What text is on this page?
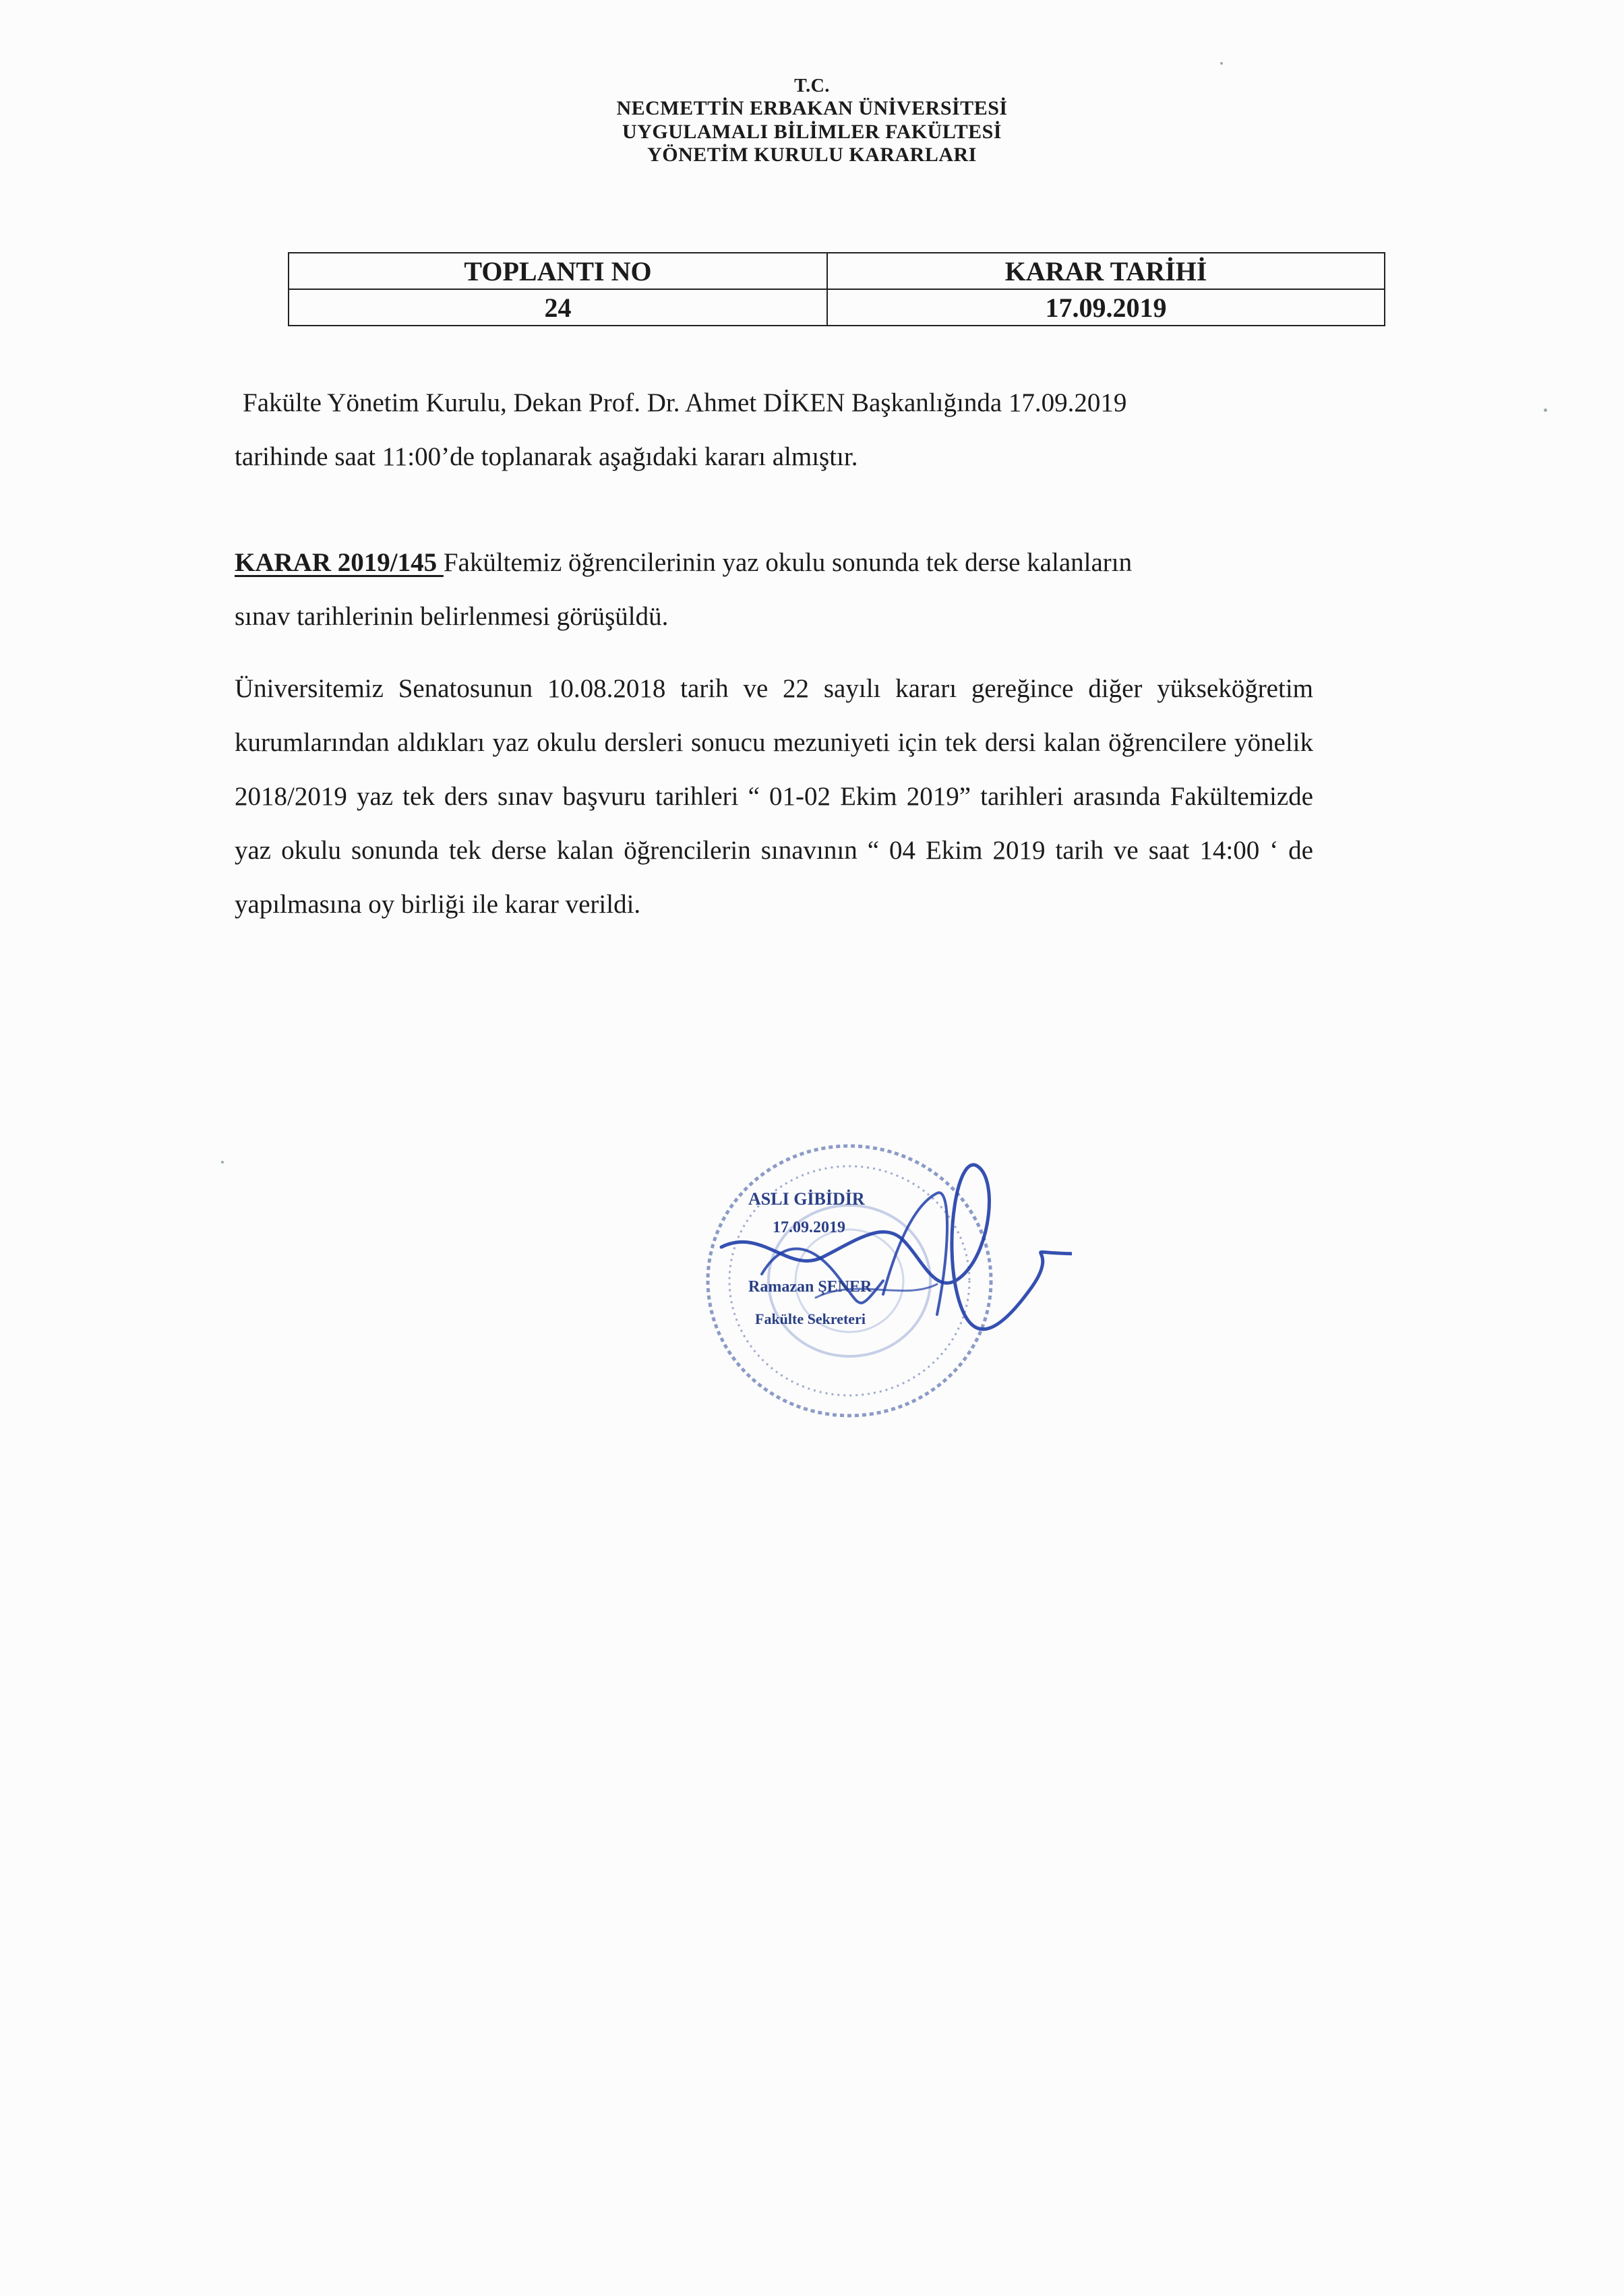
T.C.
NECMETTİN ERBAKAN ÜNİVERSİTESİ
UYGULAMALI BİLİMLER FAKÜLTESİ
YÖNETİM KURULU KARARLARI
TOPLANTI NO	KARAR TARİHİ
24	17.09.2019
Fakülte Yönetim Kurulu, Dekan Prof. Dr. Ahmet DİKEN Başkanlığında 17.09.2019
tarihinde saat 11:00’de toplanarak aşağıdaki kararı almıştır.
KARAR 2019/145 Fakültemiz öğrencilerinin yaz okulu sonunda tek derse kalanların
sınav tarihlerinin belirlenmesi görüşüldü.
Üniversitemiz Senatosunun 10.08.2018 tarih ve 22 sayılı kararı gereğince diğer yükseköğretim kurumlarından aldıkları yaz okulu dersleri sonucu mezuniyeti için tek dersi kalan öğrencilere yönelik 2018/2019 yaz tek ders sınav başvuru tarihleri “ 01-02 Ekim 2019” tarihleri arasında Fakültemizde yaz okulu sonunda tek derse kalan öğrencilerin sınavının “ 04 Ekim 2019 tarih ve saat 14:00 ‘ de yapılmasına oy birliği ile karar verildi.
ASLI GİBİDİR
17.09.2019
Ramazan ŞENER
Fakülte Sekreteri
